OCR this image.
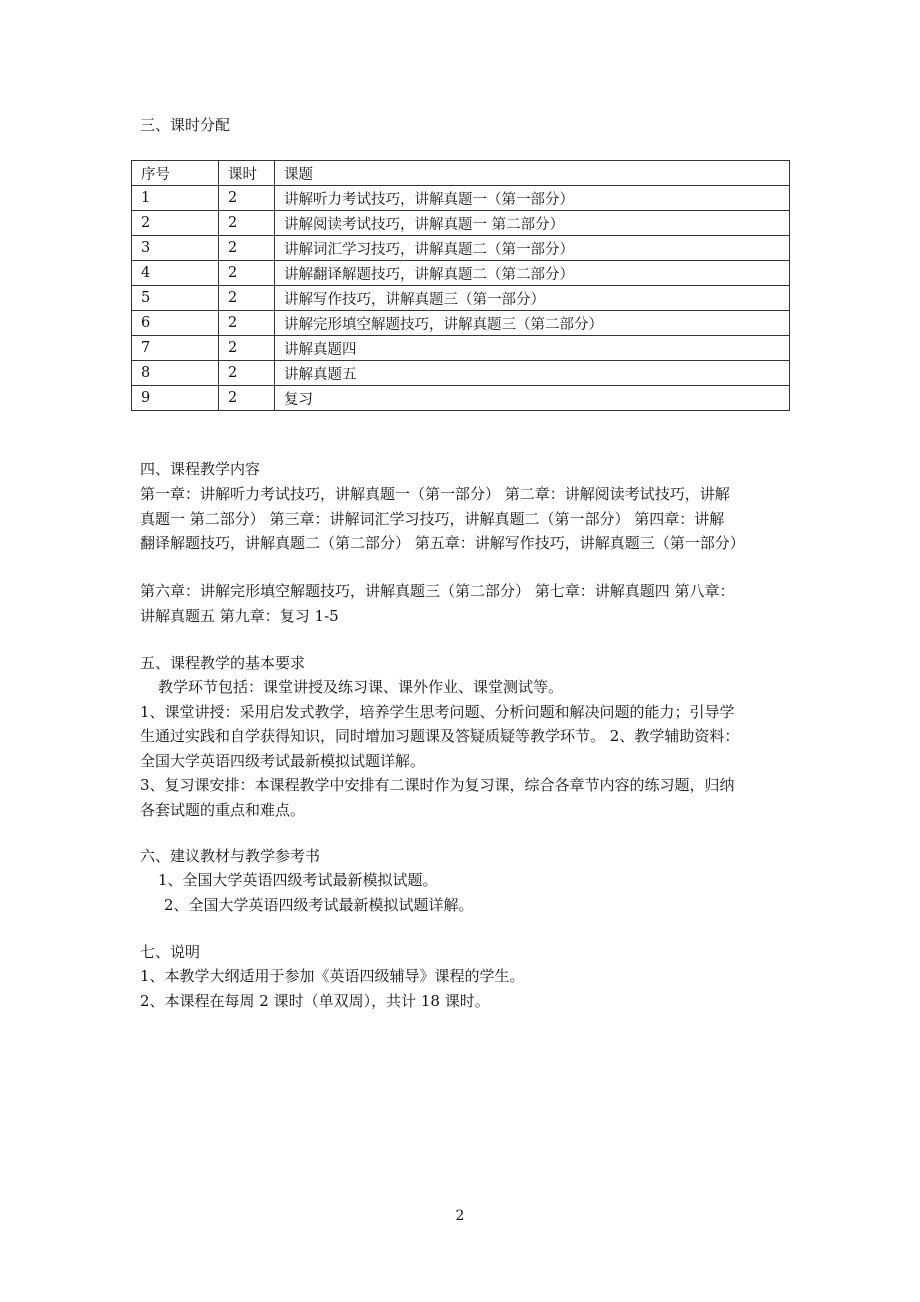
三、课时分配
序号	课时	课题
1	2	讲解听力考试技巧，讲解真题一（第一部分）
2	2	讲解阅读考试技巧，讲解真题一 第二部分）
3	2	讲解词汇学习技巧，讲解真题二（第一部分）
4	2	讲解翻译解题技巧，讲解真题二（第二部分）
5	2	讲解写作技巧，讲解真题三（第一部分）
6	2	讲解完形填空解题技巧，讲解真题三（第二部分）
7	2	讲解真题四
8	2	讲解真题五
9	2	复习
四、课程教学内容

第一章：讲解听力考试技巧，讲解真题一（第一部分） 第二章：讲解阅读考试技巧，讲解

真题一 第二部分） 第三章：讲解词汇学习技巧，讲解真题二（第一部分） 第四章：讲解

翻译解题技巧，讲解真题二（第二部分） 第五章：讲解写作技巧，讲解真题三（第一部分）

第六章：讲解完形填空解题技巧，讲解真题三（第二部分） 第七章：讲解真题四 第八章：

讲解真题五 第九章：复习 1-5

五、课程教学的基本要求

教学环节包括：课堂讲授及练习课、课外作业、课堂测试等。

1、课堂讲授：采用启发式教学，培养学生思考问题、分析问题和解决问题的能力；引导学

生通过实践和自学获得知识，同时增加习题课及答疑质疑等教学环节。 2、教学辅助资料：

全国大学英语四级考试最新模拟试题详解。

3、复习课安排：本课程教学中安排有二课时作为复习课，综合各章节内容的练习题，归纳

各套试题的重点和难点。

六、建议教材与教学参考书

1、全国大学英语四级考试最新模拟试题。

2、全国大学英语四级考试最新模拟试题详解。

七、说明

1、本教学大纲适用于参加《英语四级辅导》课程的学生。

2、本课程在每周 2 课时（单双周），共计 18 课时。

2
